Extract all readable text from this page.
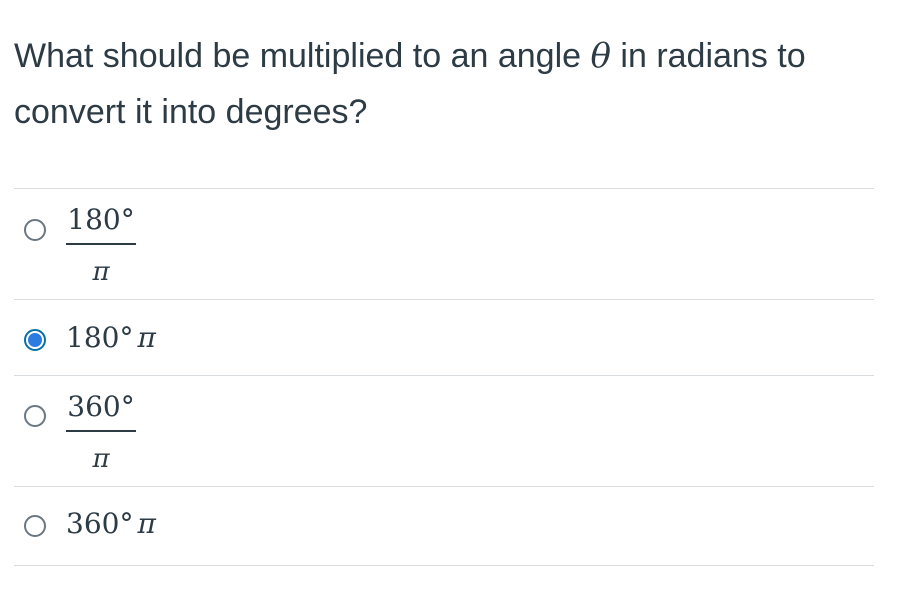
What should be multiplied to an angle θ in radians to convert it into degrees?
$\frac{180^\circ}{\pi}$
180° π
$\frac{360^\circ}{\pi}$
360° π
